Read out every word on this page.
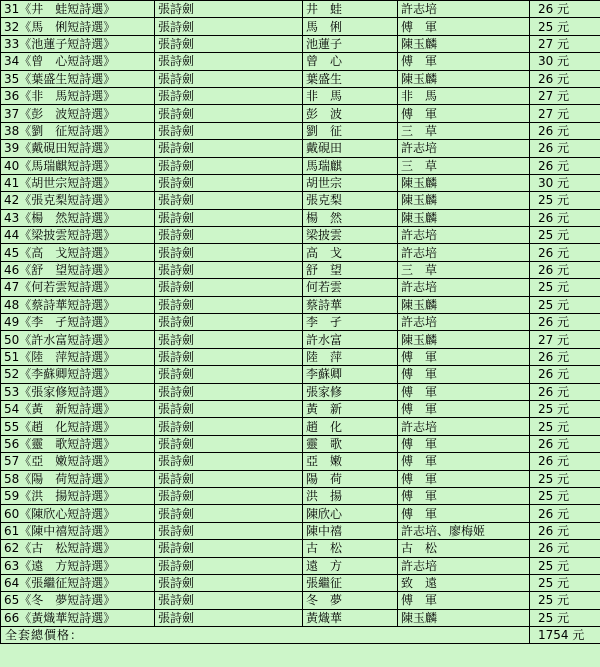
31《井　蛙短詩選》	張詩劍	井　蛙	許志培	26 元
32《馬　俐短詩選》	張詩劍	馬　俐	傅　軍	25 元
33《池蓮子短詩選》	張詩劍	池蓮子	陳玉麟	27 元
34《曾　心短詩選》	張詩劍	曾　心	傅　軍	30 元
35《葉盛生短詩選》	張詩劍	葉盛生	陳玉麟	26 元
36《非　馬短詩選》	張詩劍	非　馬	非　馬	27 元
37《彭　波短詩選》	張詩劍	彭　波	傅　軍	27 元
38《劉　征短詩選》	張詩劍	劉　征	三　草	26 元
39《戴硯田短詩選》	張詩劍	戴硯田	許志培	26 元
40《馬瑞麒短詩選》	張詩劍	馬瑞麒	三　草	26 元
41《胡世宗短詩選》	張詩劍	胡世宗	陳玉麟	30 元
42《張克梨短詩選》	張詩劍	張克梨	陳玉麟	25 元
43《楊　然短詩選》	張詩劍	楊　然	陳玉麟	26 元
44《梁披雲短詩選》	張詩劍	梁披雲	許志培	25 元
45《高　戈短詩選》	張詩劍	高　戈	許志培	26 元
46《舒　望短詩選》	張詩劍	舒　望	三　草	26 元
47《何若雲短詩選》	張詩劍	何若雲	許志培	25 元
48《蔡詩華短詩選》	張詩劍	蔡詩華	陳玉麟	25 元
49《李　孑短詩選》	張詩劍	李　孑	許志培	26 元
50《許水富短詩選》	張詩劍	許水富	陳玉麟	27 元
51《陸　萍短詩選》	張詩劍	陸　萍	傅　軍	26 元
52《李蘇卿短詩選》	張詩劍	李蘇卿	傅　軍	26 元
53《張家修短詩選》	張詩劍	張家修	傅　軍	26 元
54《黃　新短詩選》	張詩劍	黃　新	傅　軍	25 元
55《趙　化短詩選》	張詩劍	趙　化	許志培	25 元
56《靈　歌短詩選》	張詩劍	靈　歌	傅　軍	26 元
57《亞　嫩短詩選》	張詩劍	亞　嫩	傅　軍	26 元
58《陽　荷短詩選》	張詩劍	陽　荷	傅　軍	25 元
59《洪　揚短詩選》	張詩劍	洪　揚	傅　軍	25 元
60《陳欣心短詩選》	張詩劍	陳欣心	傅　軍	26 元
61《陳中禧短詩選》	張詩劍	陳中禧	許志培、廖梅姬	26 元
62《古　松短詩選》	張詩劍	古　松	古　松	26 元
63《遠　方短詩選》	張詩劍	遠　方	許志培	25 元
64《張繼征短詩選》	張詩劍	張繼征	致　遠	25 元
65《冬　夢短詩選》	張詩劍	冬　夢	傅　軍	25 元
66《黃熾華短詩選》	張詩劍	黃熾華	陳玉麟	25 元
全套總價格：				1754 元
